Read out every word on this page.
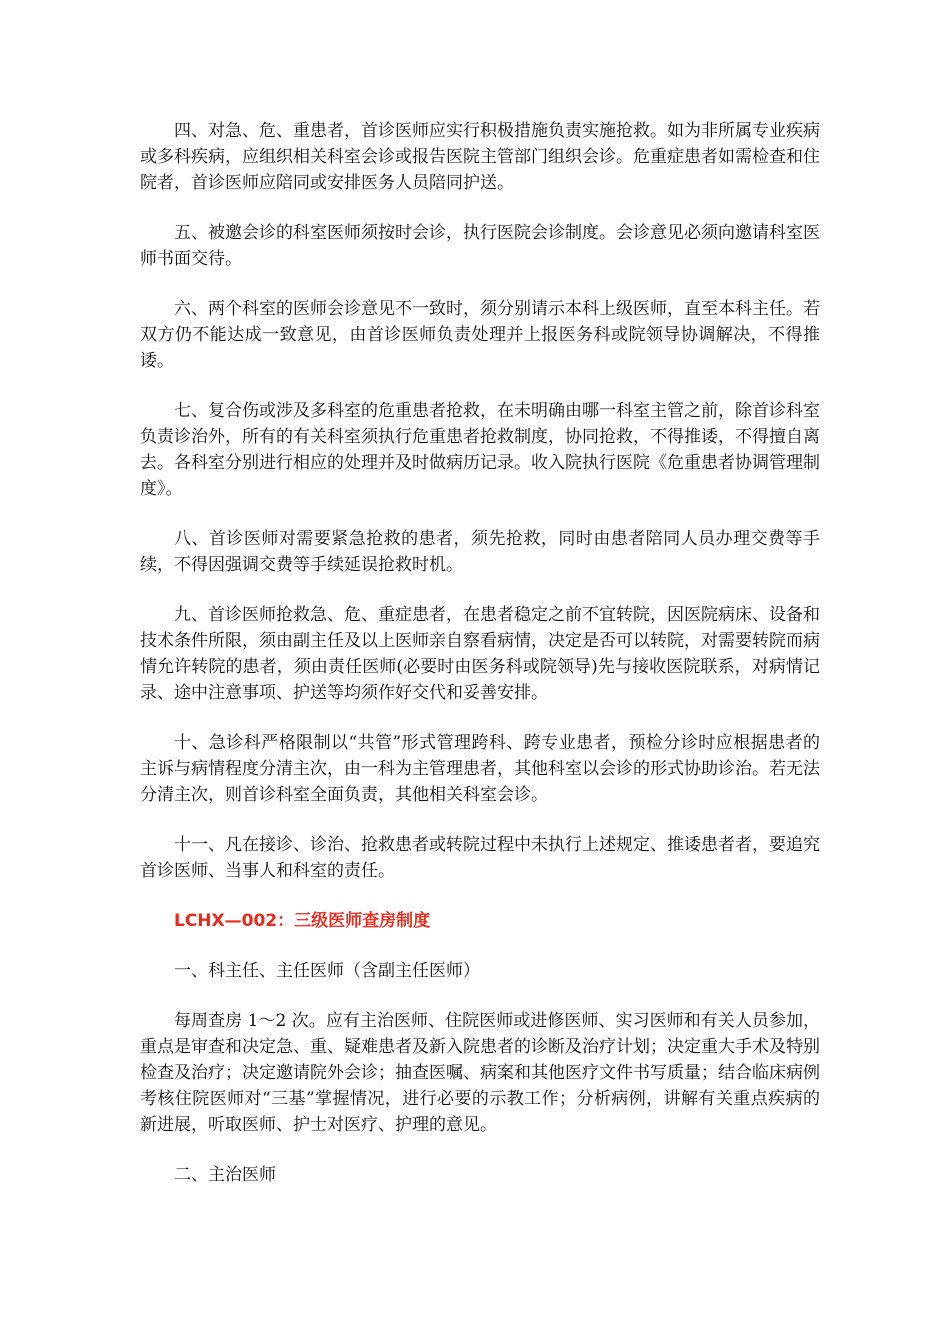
四、对急、危、重患者，首诊医师应实行积极措施负责实施抢救。如为非所属专业疾病或多科疾病，应组织相关科室会诊或报告医院主管部门组织会诊。危重症患者如需检查和住院者，首诊医师应陪同或安排医务人员陪同护送。

五、被邀会诊的科室医师须按时会诊，执行医院会诊制度。会诊意见必须向邀请科室医师书面交待。

六、两个科室的医师会诊意见不一致时，须分别请示本科上级医师，直至本科主任。若双方仍不能达成一致意见，由首诊医师负责处理并上报医务科或院领导协调解决，不得推诿。

七、复合伤或涉及多科室的危重患者抢救，在未明确由哪一科室主管之前，除首诊科室负责诊治外，所有的有关科室须执行危重患者抢救制度，协同抢救，不得推诿，不得擅自离去。各科室分别进行相应的处理并及时做病历记录。收入院执行医院《危重患者协调管理制度》。

八、首诊医师对需要紧急抢救的患者，须先抢救，同时由患者陪同人员办理交费等手续，不得因强调交费等手续延误抢救时机。

九、首诊医师抢救急、危、重症患者，在患者稳定之前不宜转院，因医院病床、设备和技术条件所限，须由副主任及以上医师亲自察看病情，决定是否可以转院，对需要转院而病情允许转院的患者，须由责任医师(必要时由医务科或院领导)先与接收医院联系，对病情记录、途中注意事项、护送等均须作好交代和妥善安排。

十、急诊科严格限制以“共管”形式管理跨科、跨专业患者，预检分诊时应根据患者的主诉与病情程度分清主次，由一科为主管理患者，其他科室以会诊的形式协助诊治。若无法分清主次，则首诊科室全面负责，其他相关科室会诊。

十一、凡在接诊、诊治、抢救患者或转院过程中未执行上述规定、推诿患者者，要追究首诊医师、当事人和科室的责任。

LCHX—002：三级医师查房制度

一、科主任、主任医师（含副主任医师）

每周查房 1～2 次。应有主治医师、住院医师或进修医师、实习医师和有关人员参加，重点是审查和决定急、重、疑难患者及新入院患者的诊断及治疗计划；决定重大手术及特别检查及治疗；决定邀请院外会诊；抽查医嘱、病案和其他医疗文件书写质量；结合临床病例考核住院医师对“三基”掌握情况，进行必要的示教工作；分析病例，讲解有关重点疾病的新进展，听取医师、护士对医疗、护理的意见。

二、主治医师
